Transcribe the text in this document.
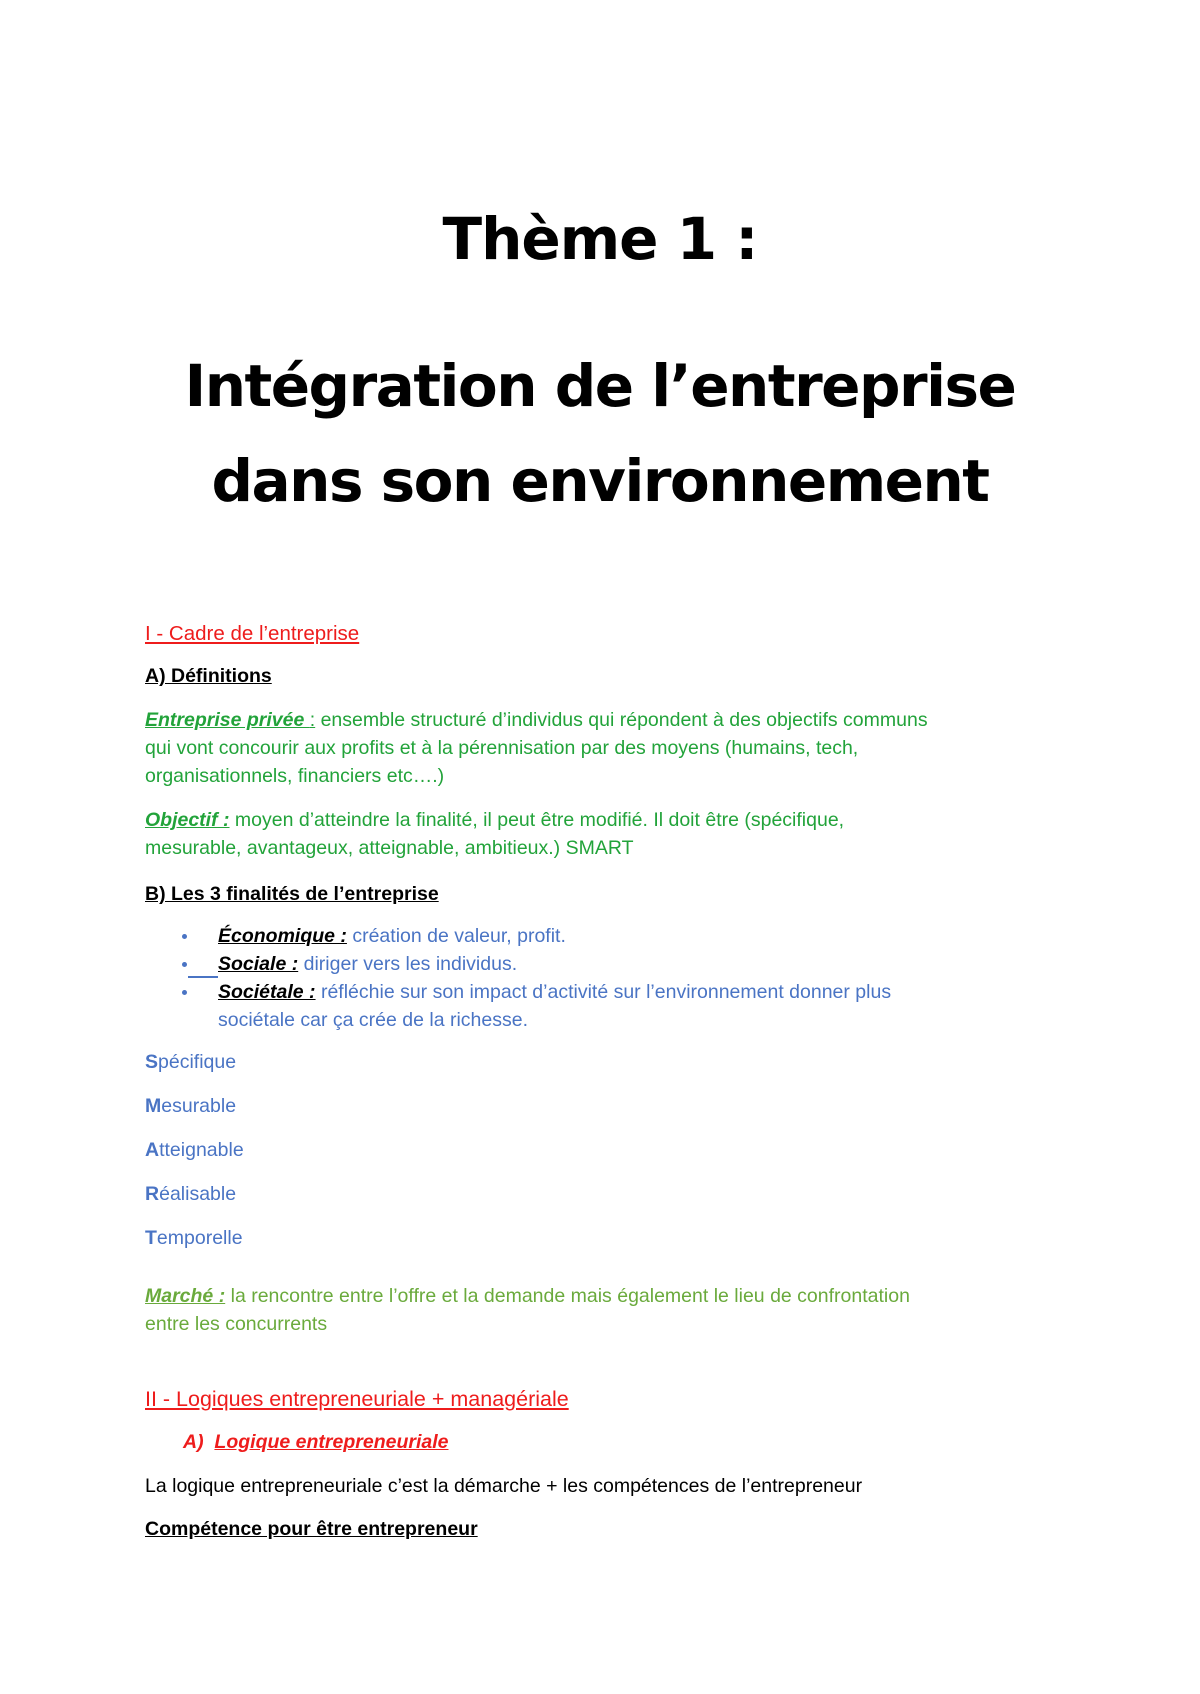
Thème 1 :
Intégration de l’entreprise
dans son environnement
I - Cadre de l’entreprise
A) Définitions
Entreprise privée : ensemble structuré d’individus qui répondent à des objectifs communs
qui vont concourir aux profits et à la pérennisation par des moyens (humains, tech,
organisationnels, financiers etc….)
Objectif : moyen d’atteindre la finalité, il peut être modifié. Il doit être (spécifique,
mesurable, avantageux, atteignable, ambitieux.) SMART
B) Les 3 finalités de l’entreprise
Économique : création de valeur, profit.
Sociale : diriger vers les individus.
Sociétale : réfléchie sur son impact d’activité sur l’environnement donner plus
sociétale car ça crée de la richesse.
Spécifique
Mesurable
Atteignable
Réalisable
Temporelle
Marché : la rencontre entre l’offre et la demande mais également le lieu de confrontation
entre les concurrents
II - Logiques entrepreneuriale + managériale
A) Logique entrepreneuriale
La logique entrepreneuriale c’est la démarche + les compétences de l’entrepreneur
Compétence pour être entrepreneur
